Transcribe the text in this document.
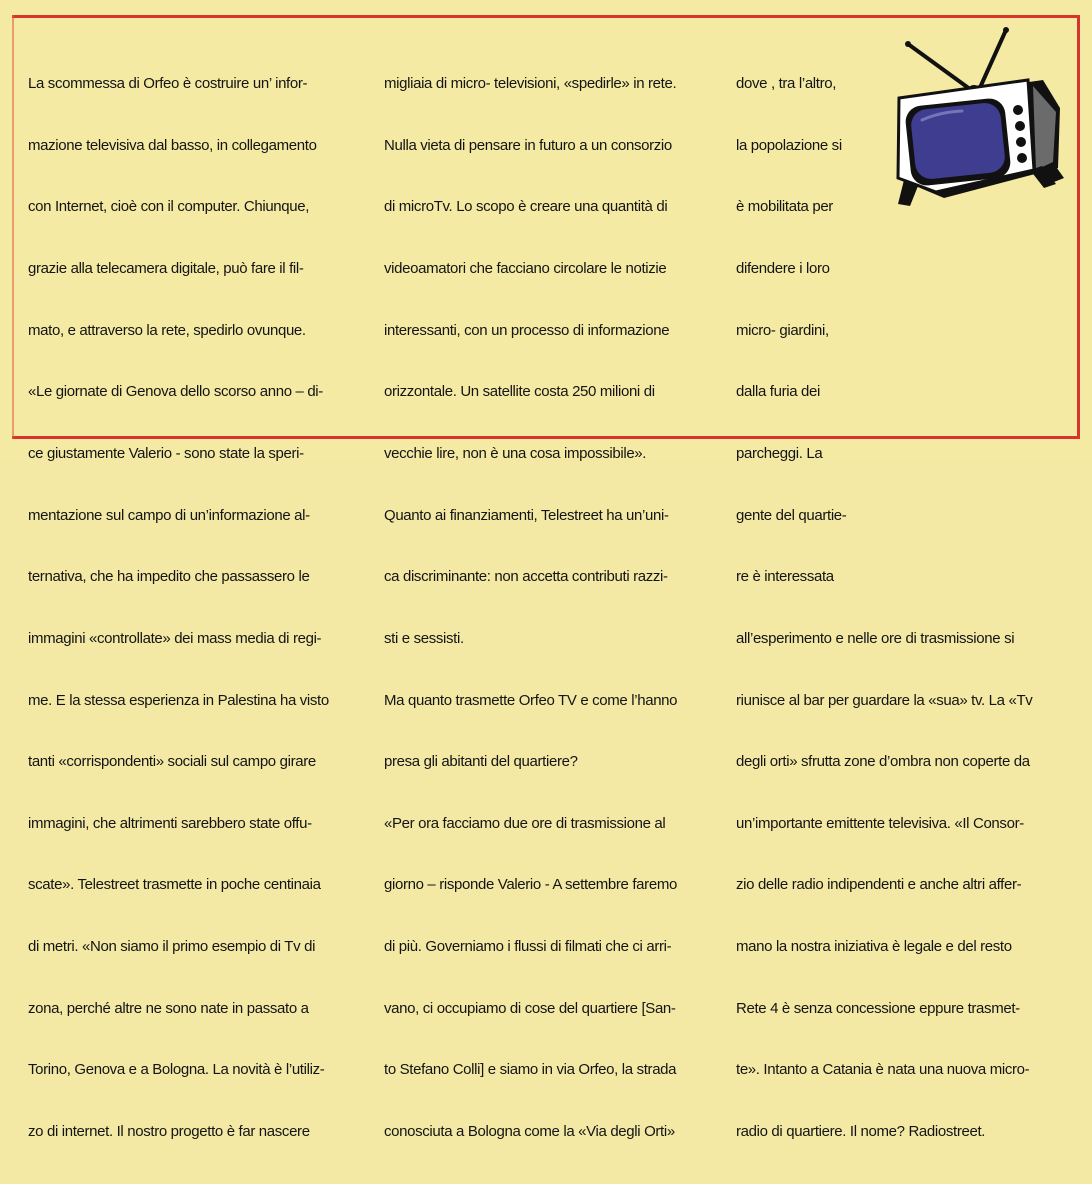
La scommessa di Orfeo è costruire un’ infor-

mazione televisiva dal basso, in collegamento

con Internet, cioè con il computer. Chiunque,

grazie alla telecamera digitale, può fare il fil-

mato, e attraverso la rete, spedirlo ovunque.

«Le giornate di Genova dello scorso anno – di-

ce giustamente Valerio - sono state la speri-

mentazione sul campo di un’informazione al-

ternativa, che ha impedito che passassero le

immagini «controllate» dei mass media di regi-

me. E la stessa esperienza in Palestina ha visto

tanti «corrispondenti» sociali sul campo girare

immagini, che altrimenti sarebbero state offu-

scate». Telestreet trasmette in poche centinaia

di metri. «Non siamo il primo esempio di Tv di

zona, perché altre ne sono nate in passato a

Torino, Genova e a Bologna. La novità è l’utiliz-

zo di internet. Il nostro progetto è far nascere

migliaia di micro- televisioni, «spedirle» in rete.

Nulla vieta di pensare in futuro a un consorzio

di microTv. Lo scopo è creare una quantità di

videoamatori che facciano circolare le notizie

interessanti, con un processo di informazione

orizzontale. Un satellite costa 250 milioni di

vecchie lire, non è una cosa impossibile».

Quanto ai finanziamenti, Telestreet ha un’uni-

ca discriminante: non accetta contributi razzi-

sti e sessisti.

Ma quanto trasmette Orfeo TV e come l’hanno

presa gli abitanti del quartiere?

«Per ora facciamo due ore di trasmissione al

giorno – risponde Valerio - A settembre faremo

di più. Governiamo i flussi di filmati che ci arri-

vano, ci occupiamo di cose del quartiere [San-

to Stefano Colli] e siamo in via Orfeo, la strada

conosciuta a Bologna come la «Via degli Orti»

dove , tra l’altro,

la popolazione si

è mobilitata per

difendere i loro

micro- giardini,

dalla furia dei

parcheggi. La

gente del quartie-

re è interessata

all’esperimento e nelle ore di trasmissione si

riunisce al bar per guardare la «sua» tv. La «Tv

degli orti» sfrutta zone d’ombra non coperte da

un’importante emittente televisiva. «Il Consor-

zio delle radio indipendenti e anche altri affer-

mano la nostra iniziativa è legale e del resto

Rete 4 è senza concessione eppure trasmet-

te». Intanto a Catania è nata una nuova micro-

radio di quartiere. Il nome? Radiostreet.
